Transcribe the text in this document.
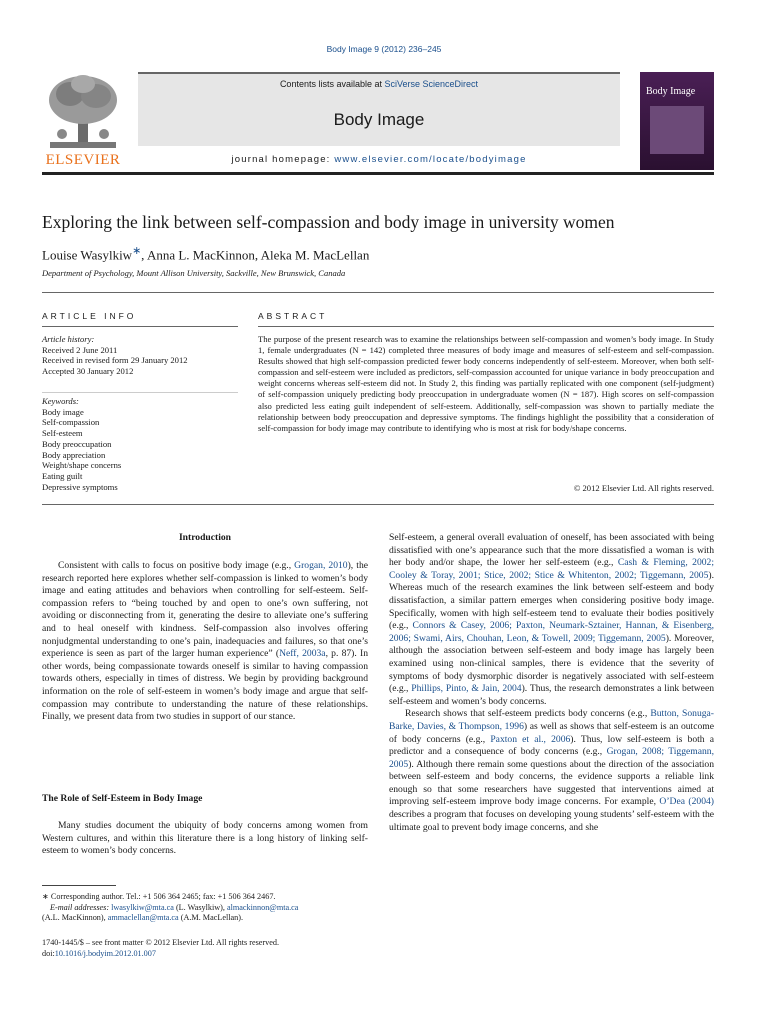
Body Image 9 (2012) 236–245
ELSEVIER
Contents lists available at SciVerse ScienceDirect
Body Image
journal homepage: www.elsevier.com/locate/bodyimage
Body Image
Exploring the link between self-compassion and body image in university women
Louise Wasylkiw∗, Anna L. MacKinnon, Aleka M. MacLellan
Department of Psychology, Mount Allison University, Sackville, New Brunswick, Canada
ARTICLE INFO
Article history:
Received 2 June 2011
Received in revised form 29 January 2012
Accepted 30 January 2012
Keywords:
Body image
Self-compassion
Self-esteem
Body preoccupation
Body appreciation
Weight/shape concerns
Eating guilt
Depressive symptoms
ABSTRACT
The purpose of the present research was to examine the relationships between self-compassion and women’s body image. In Study 1, female undergraduates (N = 142) completed three measures of body image and measures of self-esteem and self-compassion. Results showed that high self-compassion predicted fewer body concerns independently of self-esteem. Moreover, when both self-compassion and self-esteem were included as predictors, self-compassion accounted for unique variance in body preoccupation and weight concerns whereas self-esteem did not. In Study 2, this finding was partially replicated with one component (self-judgment) of self-compassion uniquely predicting body preoccupation in undergraduate women (N = 187). High scores on self-compassion also predicted less eating guilt independent of self-esteem. Additionally, self-compassion was shown to partially mediate the relationship between body preoccupation and depressive symptoms. The findings highlight the possibility that a consideration of self-compassion for body image may contribute to identifying who is most at risk for body/shape concerns.
© 2012 Elsevier Ltd. All rights reserved.
Introduction

Consistent with calls to focus on positive body image (e.g., Grogan, 2010), the research reported here explores whether self-compassion is linked to women’s body image and eating attitudes and behaviors when controlling for self-esteem. Self-compassion refers to “being touched by and open to one’s own suffering, not avoiding or disconnecting from it, generating the desire to alleviate one’s suffering and to heal oneself with kindness. Self-compassion also involves offering nonjudgmental understanding to one’s pain, inadequacies and failures, so that one’s experience is seen as part of the larger human experience” (Neff, 2003a, p. 87). In other words, being compassionate towards oneself is similar to having compassion towards others, especially in times of distress. We begin by providing background information on the role of self-esteem in women’s body image and argue that self-compassion may contribute to understanding the nature of these relationships. Finally, we present data from two studies in support of our stance.

The Role of Self-Esteem in Body Image

Many studies document the ubiquity of body concerns among women from Western cultures, and within this literature there is a long history of linking self-esteem to women’s body concerns.

Self-esteem, a general overall evaluation of oneself, has been associated with being dissatisfied with one’s appearance such that the more dissatisfied a woman is with her body and/or shape, the lower her self-esteem (e.g., Cash & Fleming, 2002; Cooley & Toray, 2001; Stice, 2002; Stice & Whitenton, 2002; Tiggemann, 2005). Whereas much of the research examines the link between self-esteem and body dissatisfaction, a similar pattern emerges when considering positive body image. Specifically, women with high self-esteem tend to evaluate their bodies positively (e.g., Connors & Casey, 2006; Paxton, Neumark-Sztainer, Hannan, & Eisenberg, 2006; Swami, Airs, Chouhan, Leon, & Towell, 2009; Tiggemann, 2005). Moreover, although the association between self-esteem and body image has largely been examined using non-clinical samples, there is evidence that the severity of symptoms of body dysmorphic disorder is negatively associated with self-esteem (e.g., Phillips, Pinto, & Jain, 2004). Thus, the research demonstrates a link between self-esteem and women’s body concerns.

Research shows that self-esteem predicts body concerns (e.g., Button, Sonuga-Barke, Davies, & Thompson, 1996) as well as shows that self-esteem is an outcome of body concerns (e.g., Paxton et al., 2006). Thus, low self-esteem is both a predictor and a consequence of body concerns (e.g., Grogan, 2008; Tiggemann, 2005). Although there remain some questions about the direction of the association between self-esteem and body concerns, the evidence supports a reliable link enough so that some researchers have suggested that interventions aimed at improving self-esteem improve body image concerns. For example, O’Dea (2004) describes a program that focuses on developing young students’ self-esteem with the ultimate goal to prevent body image concerns, and she

∗ Corresponding author. Tel.: +1 506 364 2465; fax: +1 506 364 2467.
E-mail addresses: lwasylkiw@mta.ca (L. Wasylkiw), almackinnon@mta.ca
(A.L. MacKinnon), ammaclellan@mta.ca (A.M. MacLellan).
1740-1445/$ – see front matter © 2012 Elsevier Ltd. All rights reserved.
doi:10.1016/j.bodyim.2012.01.007
